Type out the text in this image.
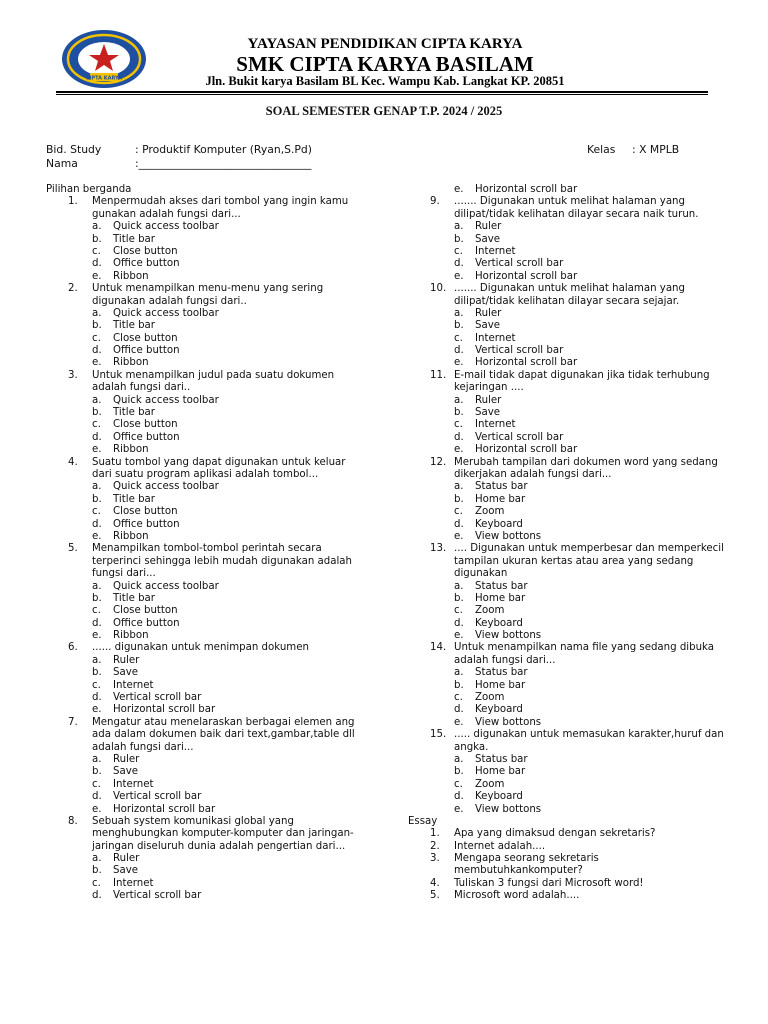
CIPTA KARYA
YAYASAN PENDIDIKAN CIPTA KARYA
SMK CIPTA KARYA BASILAM
Jln. Bukit karya Basilam BL Kec. Wampu Kab. Langkat KP. 20851
SOAL SEMESTER GENAP T.P. 2024 / 2025
Bid. Study	: Produktif Komputer (Ryan,S.Pd)
Nama	:________________________________
Kelas : X MPLB
Pilihan berganda
1. Menpermudah akses dari tombol yang ingin kamu
gunakan adalah fungsi dari...
a. Quick access toolbar
b. Title bar
c. Close button
d. Office button
e. Ribbon
2. Untuk menampilkan menu-menu yang sering
digunakan adalah fungsi dari..
a. Quick access toolbar
b. Title bar
c. Close button
d. Office button
e. Ribbon
3. Untuk menampilkan judul pada suatu dokumen
adalah fungsi dari..
a. Quick access toolbar
b. Title bar
c. Close button
d. Office button
e. Ribbon
4. Suatu tombol yang dapat digunakan untuk keluar
dari suatu program aplikasi adalah tombol...
a. Quick access toolbar
b. Title bar
c. Close button
d. Office button
e. Ribbon
5. Menampilkan tombol-tombol perintah secara
terperinci sehingga lebih mudah digunakan adalah
fungsi dari...
a. Quick access toolbar
b. Title bar
c. Close button
d. Office button
e. Ribbon
6. ...... digunakan untuk menimpan dokumen
a. Ruler
b. Save
c. Internet
d. Vertical scroll bar
e. Horizontal scroll bar
7. Mengatur atau menelaraskan berbagai elemen ang
ada dalam dokumen baik dari text,gambar,table dll
adalah fungsi dari...
a. Ruler
b. Save
c. Internet
d. Vertical scroll bar
e. Horizontal scroll bar
8. Sebuah system komunikasi global yang
menghubungkan komputer-komputer dan jaringan-
jaringan diseluruh dunia adalah pengertian dari...
a. Ruler
b. Save
c. Internet
d. Vertical scroll bar
e. Horizontal scroll bar
9. ....... Digunakan untuk melihat halaman yang
dilipat/tidak kelihatan dilayar secara naik turun.
a. Ruler
b. Save
c. Internet
d. Vertical scroll bar
e. Horizontal scroll bar
10. ....... Digunakan untuk melihat halaman yang
dilipat/tidak kelihatan dilayar secara sejajar.
a. Ruler
b. Save
c. Internet
d. Vertical scroll bar
e. Horizontal scroll bar
11. E-mail tidak dapat digunakan jika tidak terhubung
kejaringan ....
a. Ruler
b. Save
c. Internet
d. Vertical scroll bar
e. Horizontal scroll bar
12. Merubah tampilan dari dokumen word yang sedang
dikerjakan adalah fungsi dari...
a. Status bar
b. Home bar
c. Zoom
d. Keyboard
e. View bottons
13. .... Digunakan untuk memperbesar dan memperkecil
tampilan ukuran kertas atau area yang sedang
digunakan
a. Status bar
b. Home bar
c. Zoom
d. Keyboard
e. View bottons
14. Untuk menampilkan nama file yang sedang dibuka
adalah fungsi dari...
a. Status bar
b. Home bar
c. Zoom
d. Keyboard
e. View bottons
15. ..... digunakan untuk memasukan karakter,huruf dan
angka.
a. Status bar
b. Home bar
c. Zoom
d. Keyboard
e. View bottons
Essay
1. Apa yang dimaksud dengan sekretaris?
2. Internet adalah....
3. Mengapa seorang sekretaris
membutuhkankomputer?
4. Tuliskan 3 fungsi dari Microsoft word!
5. Microsoft word adalah....
